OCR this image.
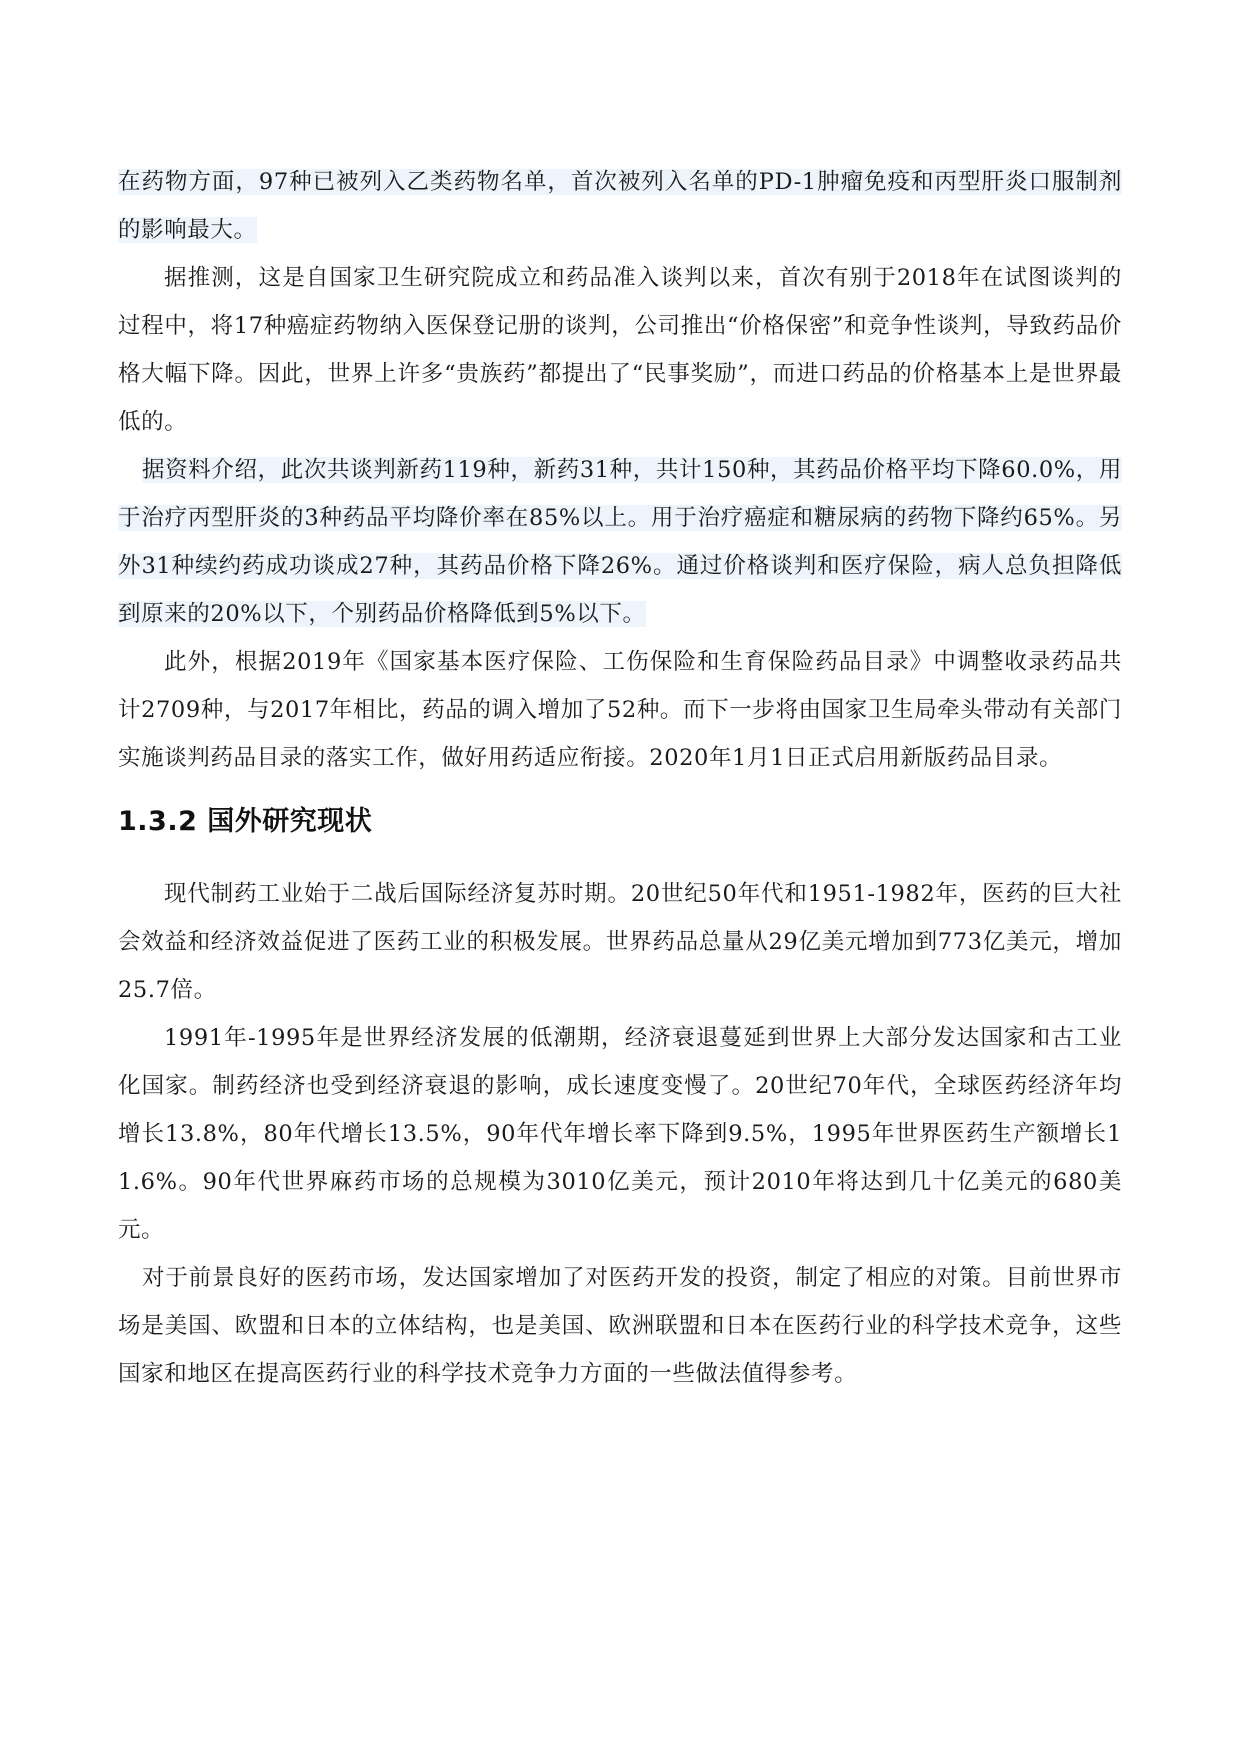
在药物方面，97种已被列入乙类药物名单，首次被列入名单的PD-1肿瘤免疫和丙型肝炎口服制剂的影响最大。

据推测，这是自国家卫生研究院成立和药品准入谈判以来，首次有别于2018年在试图谈判的过程中，将17种癌症药物纳入医保登记册的谈判，公司推出“价格保密”和竞争性谈判，导致药品价格大幅下降。因此，世界上许多“贵族药”都提出了“民事奖励”，而进口药品的价格基本上是世界最低的。

据资料介绍，此次共谈判新药119种，新药31种，共计150种，其药品价格平均下降60.0%，用于治疗丙型肝炎的3种药品平均降价率在85%以上。用于治疗癌症和糖尿病的药物下降约65%。另外31种续约药成功谈成27种，其药品价格下降26%。通过价格谈判和医疗保险，病人总负担降低到原来的20%以下，个别药品价格降低到5%以下。

此外，根据2019年《国家基本医疗保险、工伤保险和生育保险药品目录》中调整收录药品共计2709种，与2017年相比，药品的调入增加了52种。而下一步将由国家卫生局牵头带动有关部门实施谈判药品目录的落实工作，做好用药适应衔接。2020年1月1日正式启用新版药品目录。

1.3.2 国外研究现状

现代制药工业始于二战后国际经济复苏时期。20世纪50年代和1951-1982年，医药的巨大社会效益和经济效益促进了医药工业的积极发展。世界药品总量从29亿美元增加到773亿美元，增加25.7倍。

1991年-1995年是世界经济发展的低潮期，经济衰退蔓延到世界上大部分发达国家和古工业化国家。制药经济也受到经济衰退的影响，成长速度变慢了。20世纪70年代，全球医药经济年均增长13.8%，80年代增长13.5%，90年代年增长率下降到9.5%，1995年世界医药生产额增长11.6%。90年代世界麻药市场的总规模为3010亿美元，预计2010年将达到几十亿美元的680美元。

对于前景良好的医药市场，发达国家增加了对医药开发的投资，制定了相应的对策。目前世界市场是美国、欧盟和日本的立体结构，也是美国、欧洲联盟和日本在医药行业的科学技术竞争，这些国家和地区在提高医药行业的科学技术竞争力方面的一些做法值得参考。
